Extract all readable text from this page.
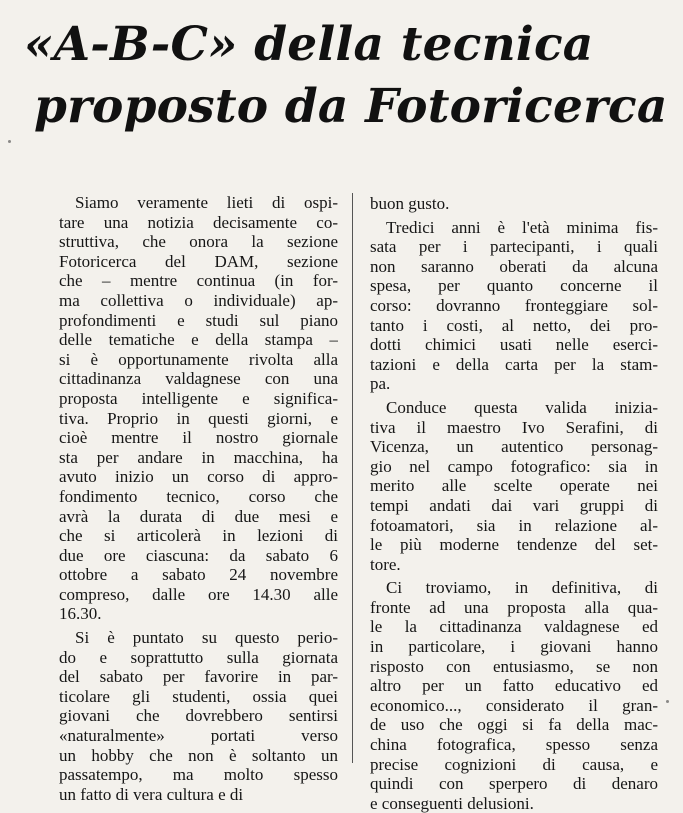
«A-B-C» della tecnica
proposto da Fotoricerca
Siamo veramente lieti di ospi-
tare una notizia decisamente co-
struttiva, che onora la sezione
Fotoricerca del DAM, sezione
che – mentre continua (in for-
ma collettiva o individuale) ap-
profondimenti e studi sul piano
delle tematiche e della stampa –
si è opportunamente rivolta alla
cittadinanza valdagnese con una
proposta intelligente e significa-
tiva. Proprio in questi giorni, e
cioè mentre il nostro giornale
sta per andare in macchina, ha
avuto inizio un corso di appro-
fondimento tecnico, corso che
avrà la durata di due mesi e
che si articolerà in lezioni di
due ore ciascuna: da sabato 6
ottobre a sabato 24 novembre
compreso, dalle ore 14.30 alle
16.30.
Si è puntato su questo perio-
do e soprattutto sulla giornata
del sabato per favorire in par-
ticolare gli studenti, ossia quei
giovani che dovrebbero sentirsi
«naturalmente» portati verso
un hobby che non è soltanto un
passatempo, ma molto spesso
un fatto di vera cultura e di
buon gusto.
Tredici anni è l'età minima fis-
sata per i partecipanti, i quali
non saranno oberati da alcuna
spesa, per quanto concerne il
corso: dovranno fronteggiare sol-
tanto i costi, al netto, dei pro-
dotti chimici usati nelle eserci-
tazioni e della carta per la stam-
pa.
Conduce questa valida inizia-
tiva il maestro Ivo Serafini, di
Vicenza, un autentico personag-
gio nel campo fotografico: sia in
merito alle scelte operate nei
tempi andati dai vari gruppi di
fotoamatori, sia in relazione al-
le più moderne tendenze del set-
tore.
Ci troviamo, in definitiva, di
fronte ad una proposta alla qua-
le la cittadinanza valdagnese ed
in particolare, i giovani hanno
risposto con entusiasmo, se non
altro per un fatto educativo ed
economico..., considerato il gran-
de uso che oggi si fa della mac-
china fotografica, spesso senza
precise cognizioni di causa, e
quindi con sperpero di denaro
e conseguenti delusioni.
